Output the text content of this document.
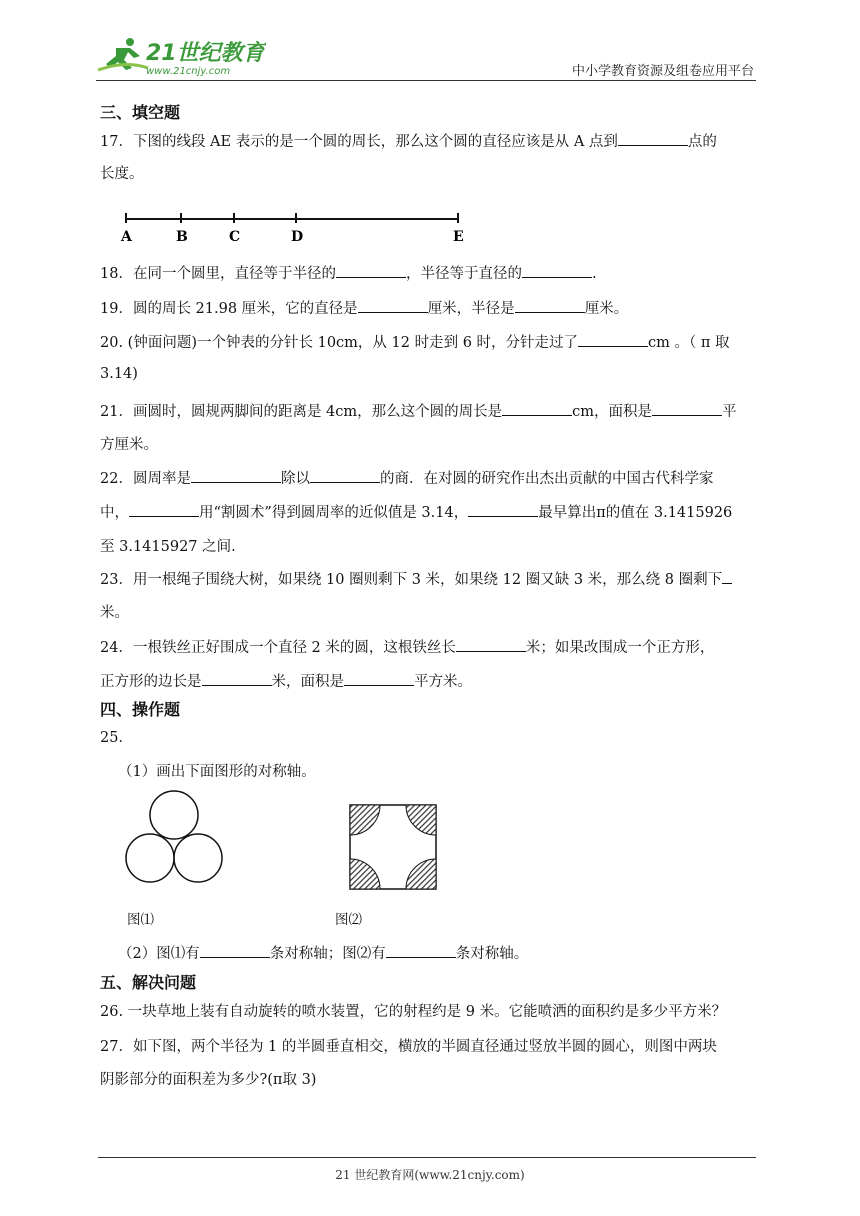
21世纪教育
www.21cnjy.com	中小学教育资源及组卷应用平台
三、填空题
17．下图的线段 AE 表示的是一个圆的周长，那么这个圆的直径应该是从 A 点到	点的
长度。
A	B	C	D	E
18．在同一个圆里，直径等于半径的	，半径等于直径的	.
19．圆的周长 21.98 厘米，它的直径是	厘米，半径是	厘米。
20. (钟面问题)一个钟表的分针长 10cm，从 12 时走到 6 时，分针走过了	cm 。（ π 取
3.14)
21．画圆时，圆规两脚间的距离是 4cm，那么这个圆的周长是	cm，面积是	平
方厘米。
22．圆周率是	除以	的商．在对圆的研究作出杰出贡献的中国古代科学家
中，	用“割圆术”得到圆周率的近似值是 3.14，	最早算出π的值在 3.1415926
至 3.1415927 之间.
23．用一根绳子围绕大树，如果绕 10 圈则剩下 3 米，如果绕 12 圈又缺 3 米，那么绕 8 圈剩下
米。
24．一根铁丝正好围成一个直径 2 米的圆，这根铁丝长	米；如果改围成一个正方形，
正方形的边长是	米，面积是	平方米。
四、操作题
25．
（1）画出下面图形的对称轴。
图⑴	图⑵
（2）图⑴有	条对称轴；图⑵有	条对称轴。
五、解决问题
26. 一块草地上装有自动旋转的喷水装置，它的射程约是 9 米。它能喷洒的面积约是多少平方米？
27．如下图，两个半径为 1 的半圆垂直相交，横放的半圆直径通过竖放半圆的圆心，则图中两块
阴影部分的面积差为多少?(π取 3)
21 世纪教育网(www.21cnjy.com)
